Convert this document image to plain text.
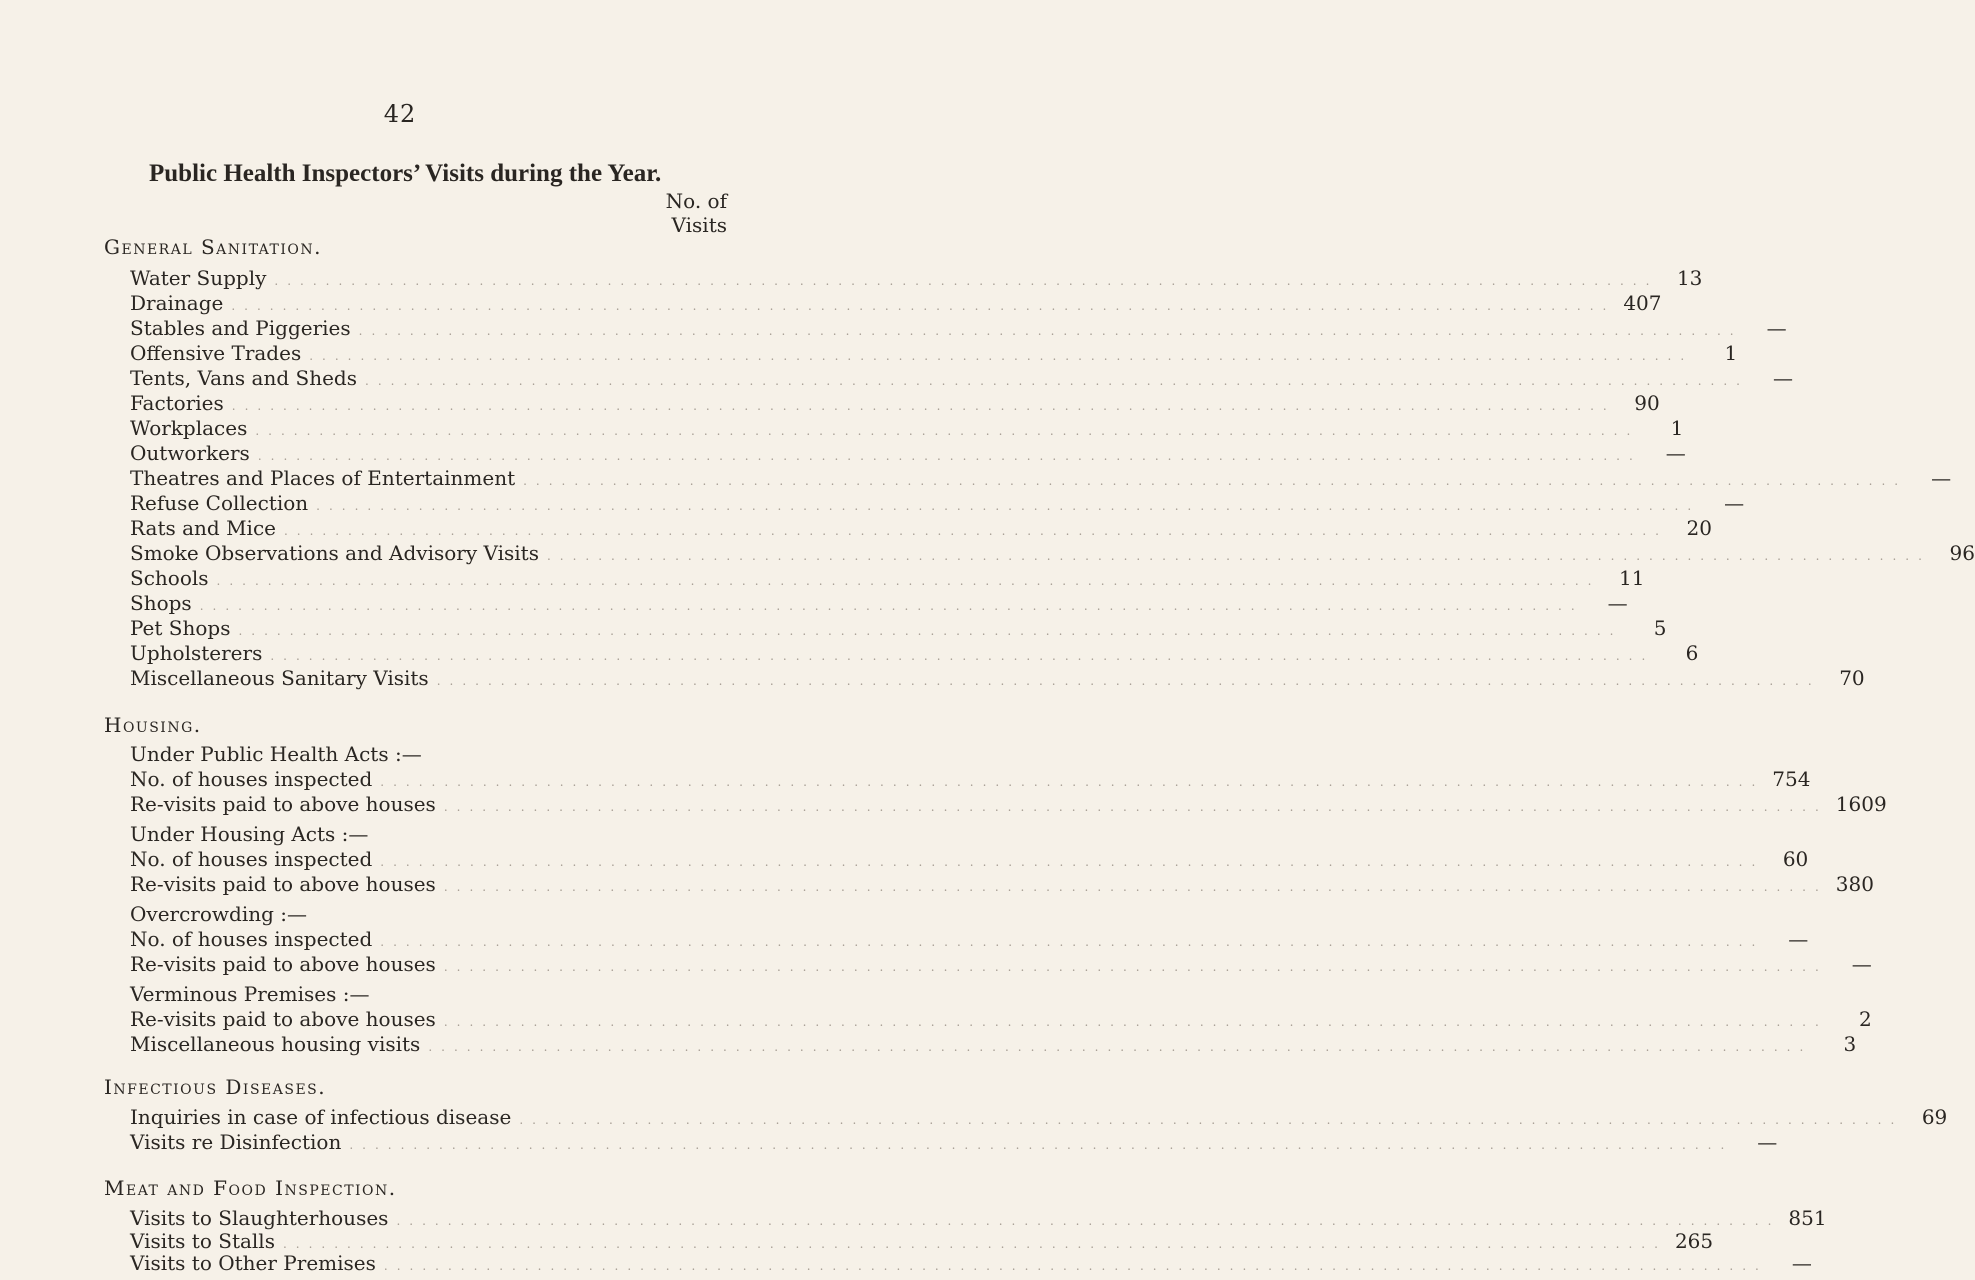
42
Public Health Inspectors’ Visits during the Year.
No. of
Visits
General Sanitation.
Water Supply ............................................................................................................ 13
Drainage ............................................................................................................ 407
Stables and Piggeries ............................................................................................................	—
Offensive Trades ............................................................................................................	1
Tents, Vans and Sheds ............................................................................................................	—
Factories ............................................................................................................ 90
Workplaces ............................................................................................................	1
Outworkers ............................................................................................................	—
Theatres and Places of Entertainment ............................................................................................................	—
Refuse Collection ............................................................................................................	—
Rats and Mice ............................................................................................................ 20
Smoke Observations and Advisory Visits ............................................................................................................ 96
Schools ............................................................................................................ 11
Shops ............................................................................................................	—
Pet Shops ............................................................................................................	5
Upholsterers ............................................................................................................	6
Miscellaneous Sanitary Visits ............................................................................................................ 70
Housing.
Under Public Health Acts :—
No. of houses inspected ............................................................................................................ 754
Re-visits paid to above houses ............................................................................................................ 1609
Under Housing Acts :—
No. of houses inspected ............................................................................................................ 60
Re-visits paid to above houses ............................................................................................................ 380
Overcrowding :—
No. of houses inspected ............................................................................................................	—
Re-visits paid to above houses ............................................................................................................	—
Verminous Premises :—
Re-visits paid to above houses ............................................................................................................	2
Miscellaneous housing visits ............................................................................................................	3
Infectious Diseases.
Inquiries in case of infectious disease ............................................................................................................ 69
Visits re Disinfection ............................................................................................................	—
Meat and Food Inspection.
Visits to Slaughterhouses ............................................................................................................ 851
Visits to Stalls ............................................................................................................ 265
Visits to Other Premises ............................................................................................................	—
